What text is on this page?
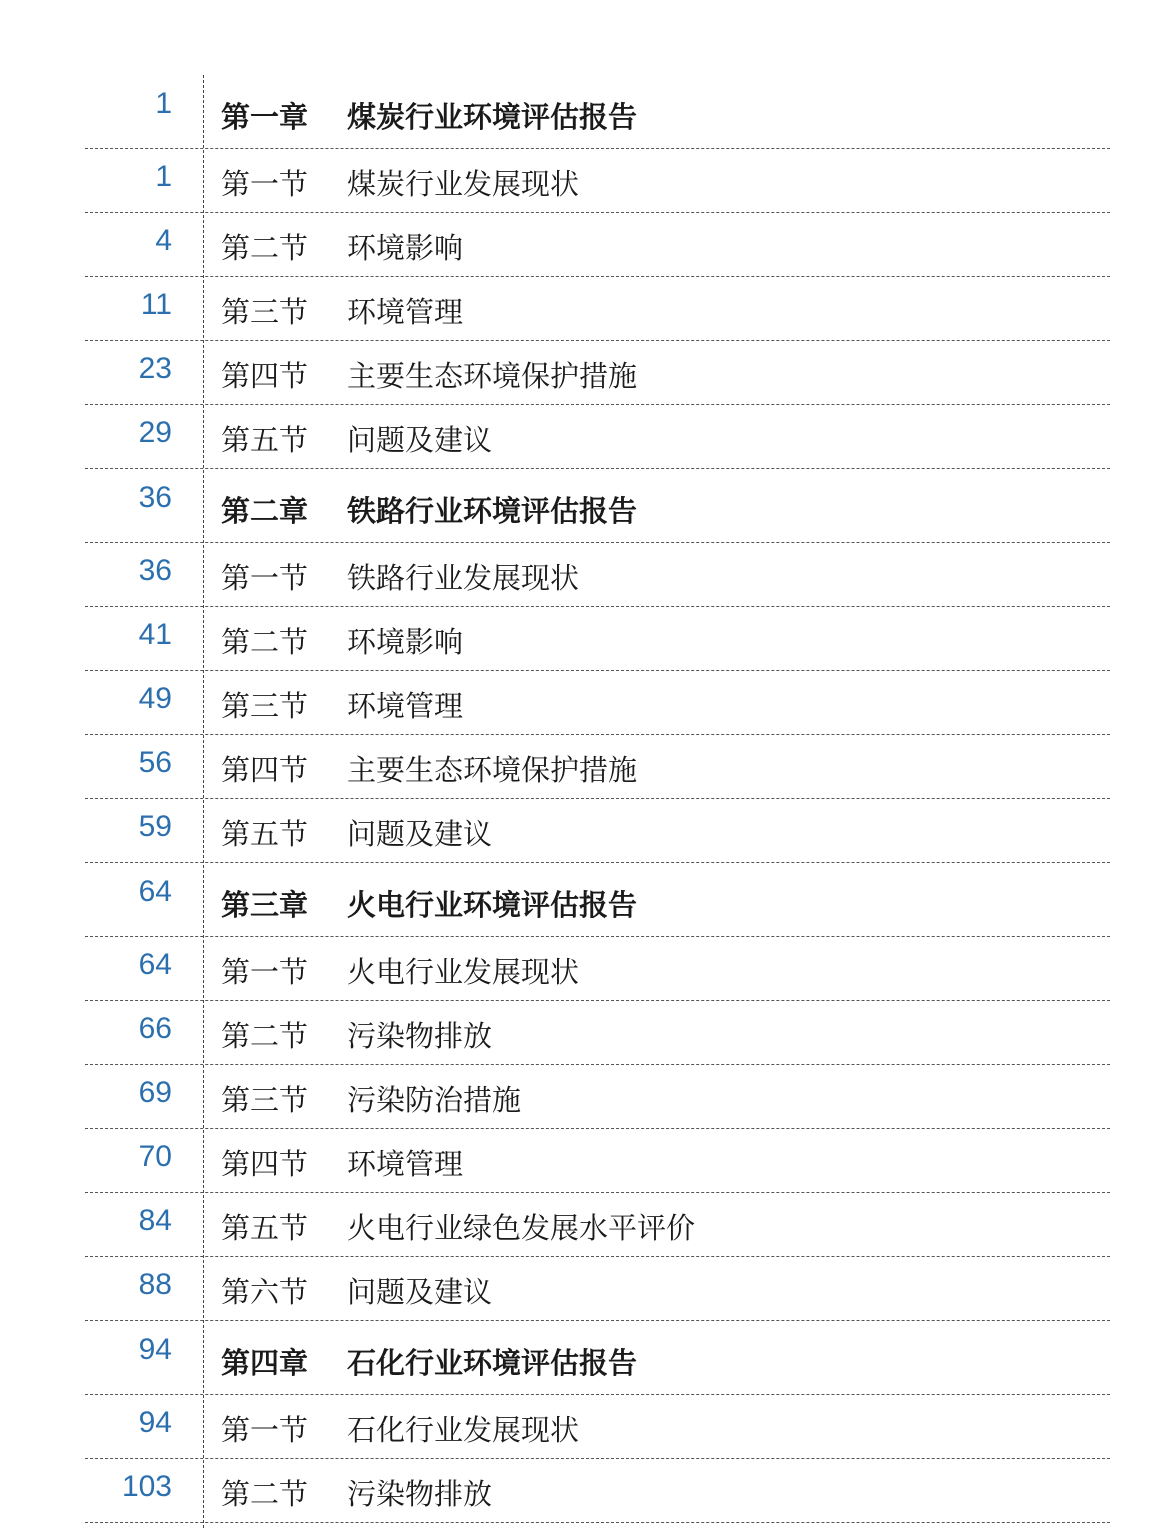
1 第一章 煤炭行业环境评估报告
1 第一节 煤炭行业发展现状
4 第二节 环境影响
11 第三节 环境管理
23 第四节 主要生态环境保护措施
29 第五节 问题及建议
36 第二章 铁路行业环境评估报告
36 第一节 铁路行业发展现状
41 第二节 环境影响
49 第三节 环境管理
56 第四节 主要生态环境保护措施
59 第五节 问题及建议
64 第三章 火电行业环境评估报告
64 第一节 火电行业发展现状
66 第二节 污染物排放
69 第三节 污染防治措施
70 第四节 环境管理
84 第五节 火电行业绿色发展水平评价
88 第六节 问题及建议
94 第四章 石化行业环境评估报告
94 第一节 石化行业发展现状
103 第二节 污染物排放
